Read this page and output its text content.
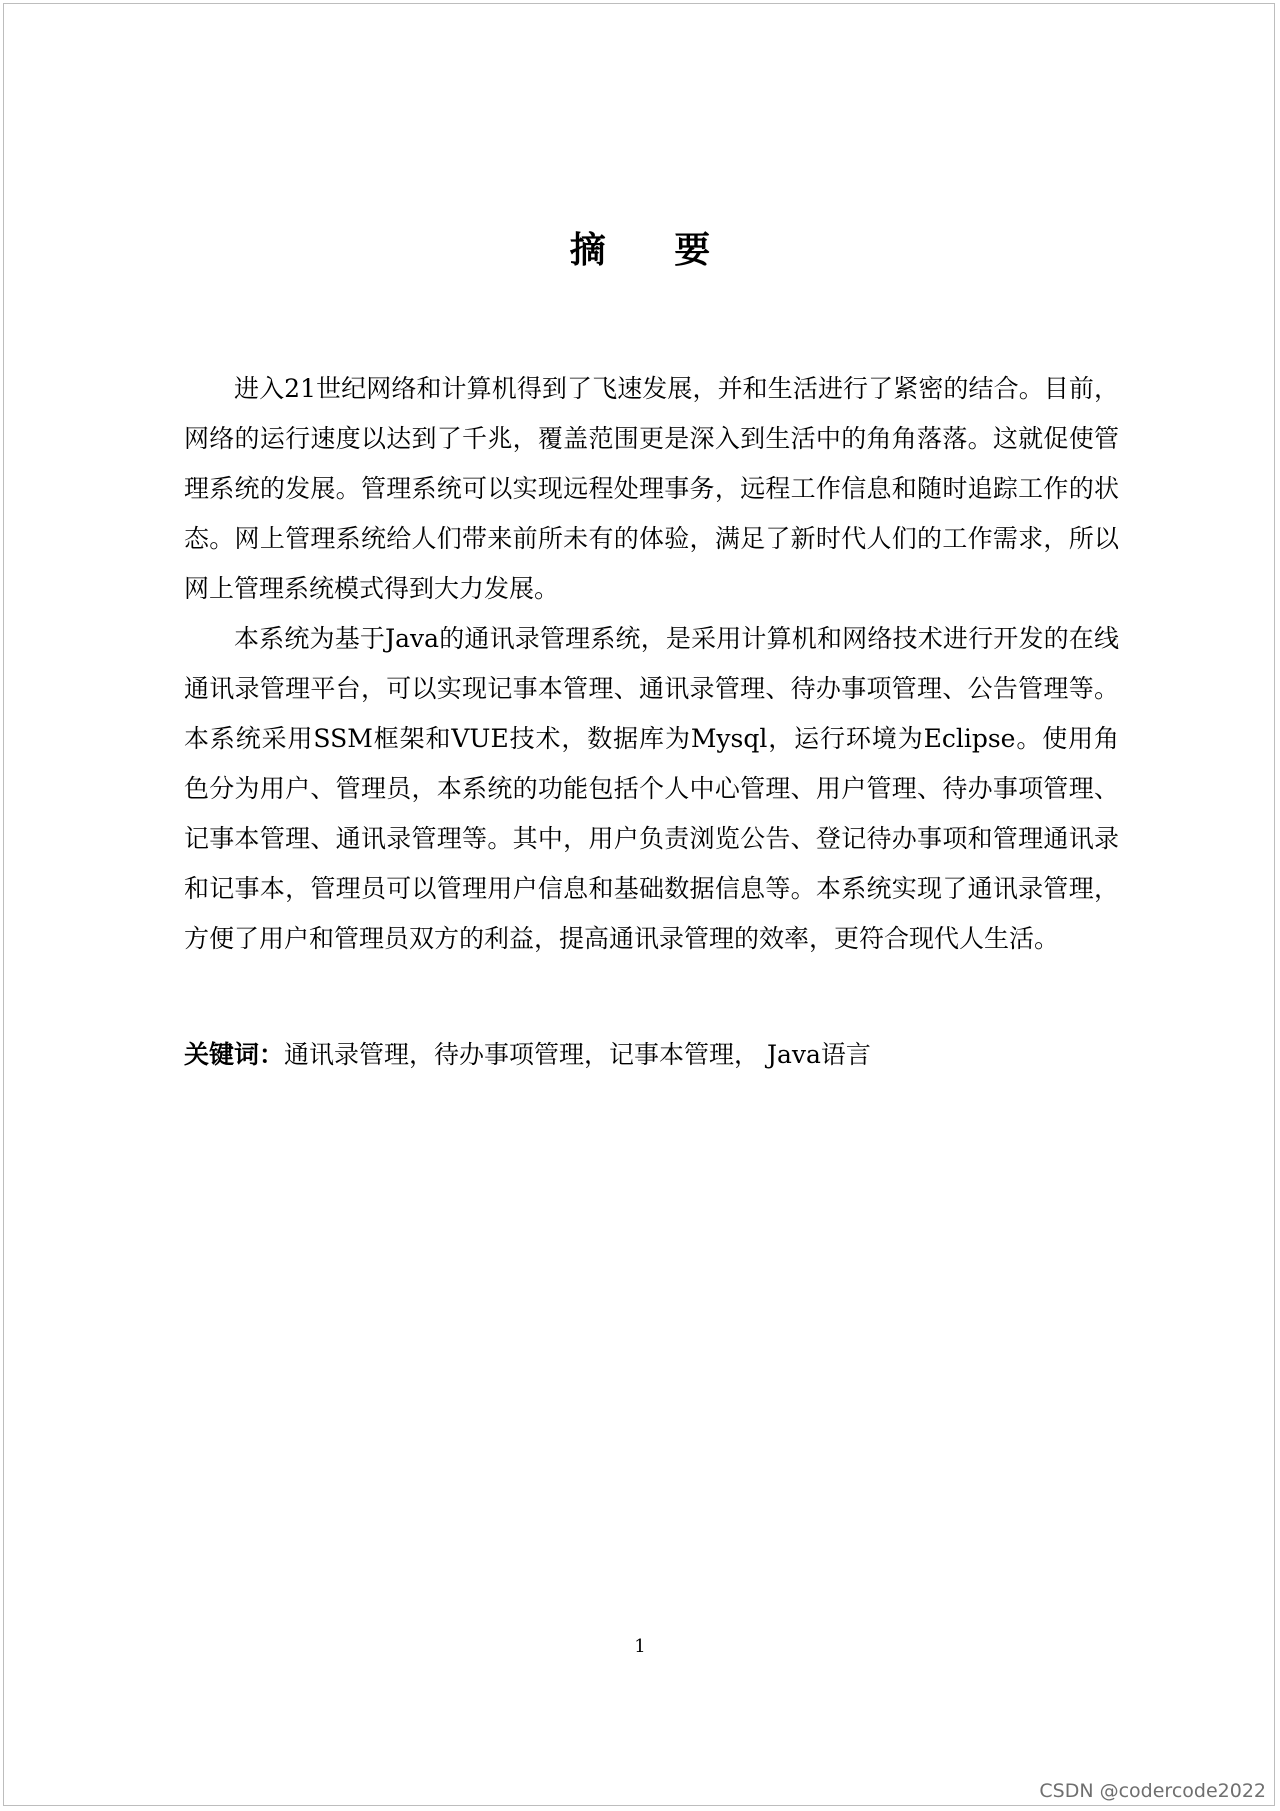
摘 要

进入21世纪网络和计算机得到了飞速发展，并和生活进行了紧密的结合。目前，网络的运行速度以达到了千兆，覆盖范围更是深入到生活中的角角落落。这就促使管理系统的发展。管理系统可以实现远程处理事务，远程工作信息和随时追踪工作的状态。网上管理系统给人们带来前所未有的体验，满足了新时代人们的工作需求，所以网上管理系统模式得到大力发展。

本系统为基于Java的通讯录管理系统，是采用计算机和网络技术进行开发的在线通讯录管理平台，可以实现记事本管理、通讯录管理、待办事项管理、公告管理等。本系统采用SSM框架和VUE技术，数据库为Mysql，运行环境为Eclipse。使用角色分为用户、管理员，本系统的功能包括个人中心管理、用户管理、待办事项管理、记事本管理、通讯录管理等。其中，用户负责浏览公告、登记待办事项和管理通讯录和记事本，管理员可以管理用户信息和基础数据信息等。本系统实现了通讯录管理，方便了用户和管理员双方的利益，提高通讯录管理的效率，更符合现代人生活。

关键词：通讯录管理，待办事项管理，记事本管理， Java语言
1
CSDN @codercode2022
